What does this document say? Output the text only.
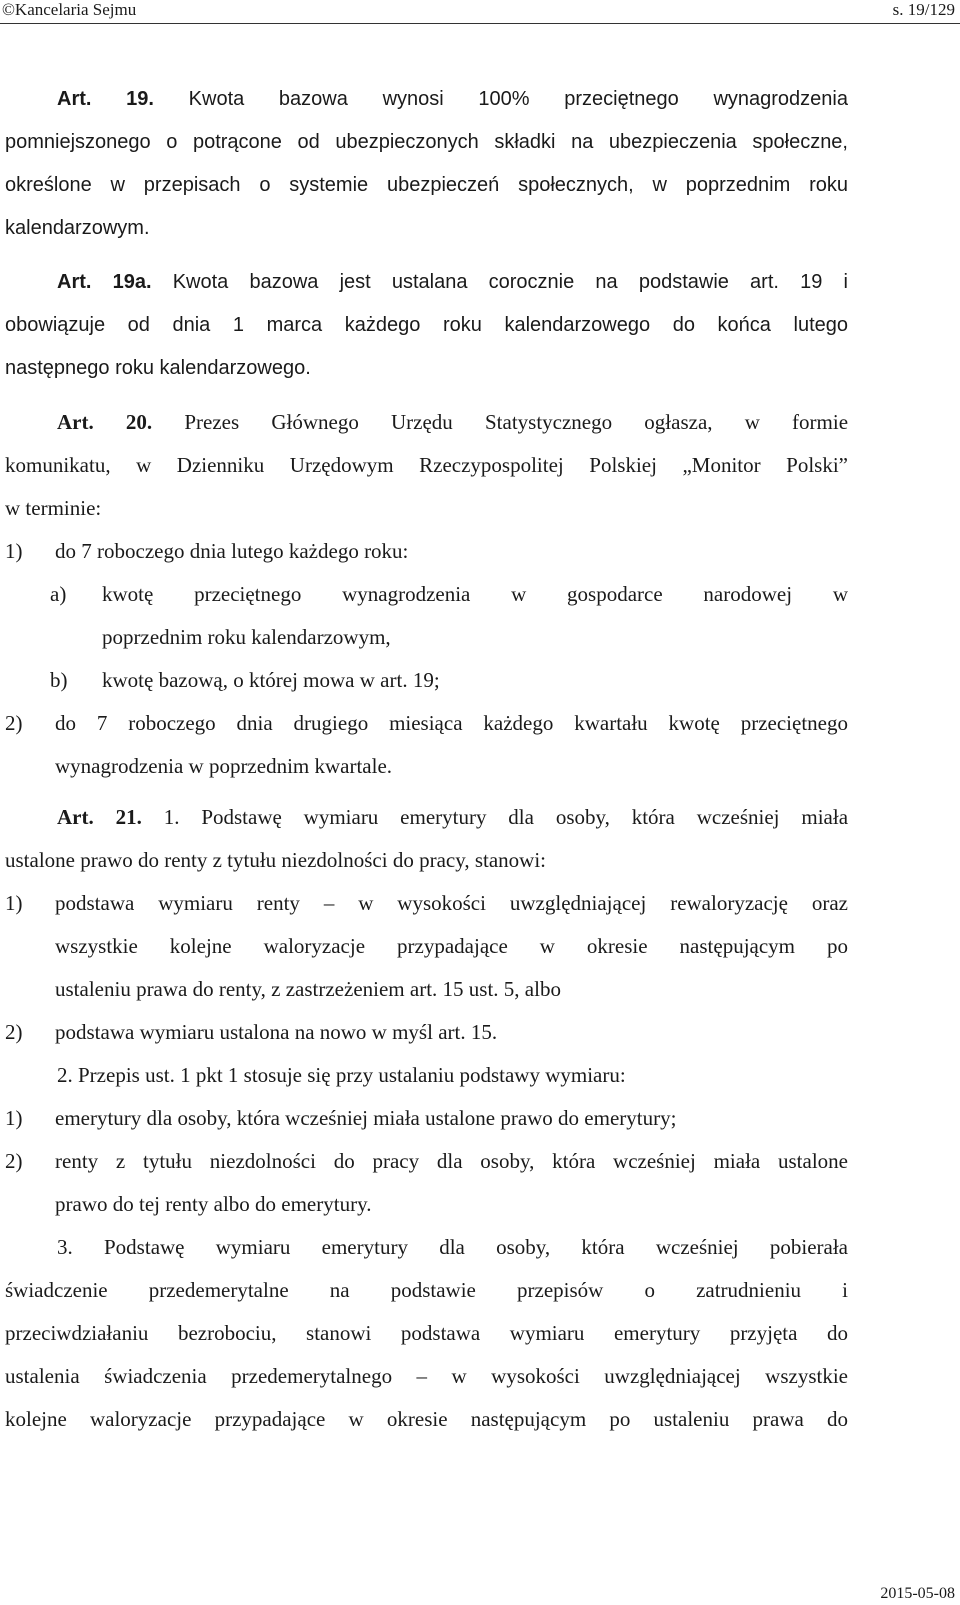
©Kancelaria Sejmu	s. 19/129
Art. 19. Kwota bazowa wynosi 100% przeciętnego wynagrodzenia
pomniejszonego o potrącone od ubezpieczonych składki na ubezpieczenia społeczne,
określone w przepisach o systemie ubezpieczeń społecznych, w poprzednim roku
kalendarzowym.
Art. 19a. Kwota bazowa jest ustalana corocznie na podstawie art. 19 i
obowiązuje od dnia 1 marca każdego roku kalendarzowego do końca lutego
następnego roku kalendarzowego.
Art. 20. Prezes Głównego Urzędu Statystycznego ogłasza, w formie
komunikatu, w Dzienniku Urzędowym Rzeczypospolitej Polskiej „Monitor Polski”
w terminie:
1) do 7 roboczego dnia lutego każdego roku:
a) kwotę przeciętnego wynagrodzenia w gospodarce narodowej w
poprzednim roku kalendarzowym,
b) kwotę bazową, o której mowa w art. 19;
2) do 7 roboczego dnia drugiego miesiąca każdego kwartału kwotę przeciętnego
wynagrodzenia w poprzednim kwartale.
Art. 21. 1. Podstawę wymiaru emerytury dla osoby, która wcześniej miała
ustalone prawo do renty z tytułu niezdolności do pracy, stanowi:
1) podstawa wymiaru renty – w wysokości uwzględniającej rewaloryzację oraz
wszystkie kolejne waloryzacje przypadające w okresie następującym po
ustaleniu prawa do renty, z zastrzeżeniem art. 15 ust. 5, albo
2) podstawa wymiaru ustalona na nowo w myśl art. 15.
2. Przepis ust. 1 pkt 1 stosuje się przy ustalaniu podstawy wymiaru:
1) emerytury dla osoby, która wcześniej miała ustalone prawo do emerytury;
2) renty z tytułu niezdolności do pracy dla osoby, która wcześniej miała ustalone
prawo do tej renty albo do emerytury.
3. Podstawę wymiaru emerytury dla osoby, która wcześniej pobierała
świadczenie przedemerytalne na podstawie przepisów o zatrudnieniu i
przeciwdziałaniu bezrobociu, stanowi podstawa wymiaru emerytury przyjęta do
ustalenia świadczenia przedemerytalnego – w wysokości uwzględniającej wszystkie
kolejne waloryzacje przypadające w okresie następującym po ustaleniu prawa do
2015-05-08
